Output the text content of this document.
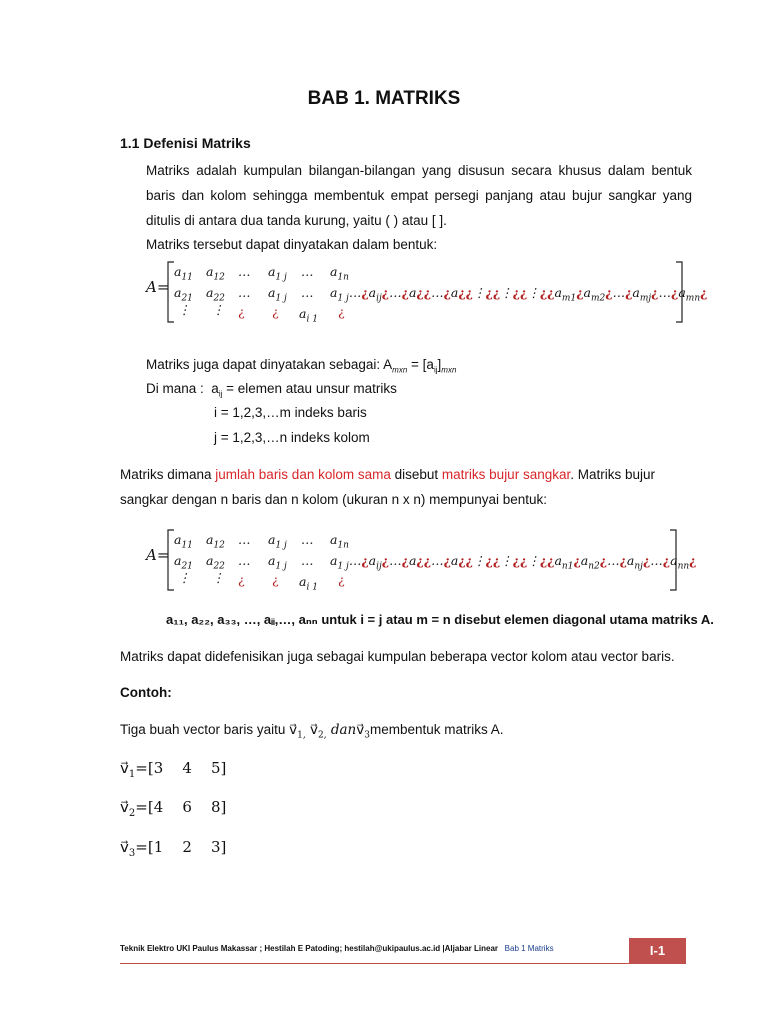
BAB 1. MATRIKS
1.1 Defenisi Matriks
Matriks adalah kumpulan bilangan-bilangan yang disusun secara khusus dalam bentuk baris dan kolom sehingga membentuk empat persegi panjang atau bujur sangkar yang ditulis di antara dua tanda kurung, yaitu ( ) atau [ ].
Matriks tersebut dapat dinyatakan dalam bentuk:
A=
$a_{11}$ $a_{12}$ … $a_{1 j}$ … $a_{1n}$
$a_{21}$ $a_{22}$ … $a_{1 j}$ … $a_{1 j}\dots¿a_{ij}¿\dots¿a¿¿\dots¿a¿¿⋮¿¿⋮¿¿⋮¿¿a_{m1}¿a_{m2}¿\dots¿a_{mj}¿\dots¿a_{mn}¿$
⋮ ⋮ ¿ ¿ $a_{i 1}$
¿
Matriks juga dapat dinyatakan sebagai: $A_{mxn} = [a_{ij}]_{mxn}$
Di mana : $a_{ij}$ = elemen atau unsur matriks
i = 1,2,3,…m indeks baris
j = 1,2,3,…n indeks kolom
Matriks dimana jumlah baris dan kolom sama disebut matriks bujur sangkar. Matriks bujur
sangkar dengan n baris dan n kolom (ukuran n x n) mempunyai bentuk:
A=
$a_{11}$ $a_{12}$ … $a_{1 j}$ … $a_{1n}$
$a_{21}$ $a_{22}$ … $a_{1 j}$ … $a_{1 j}\dots¿a_{ij}¿\dots¿a¿¿\dots¿a¿¿⋮¿¿⋮¿¿⋮¿¿a_{n1}¿a_{n2}¿\dots¿a_{nj}¿\dots¿a_{nn}¿$
⋮ ⋮ ¿ ¿ $a_{i 1}$
¿
a₁₁, a₂₂, a₃₃, …, aᵢᵢ,…, aₙₙ untuk i = j atau m = n disebut elemen diagonal utama matriks A.
Matriks dapat didefenisikan juga sebagai kumpulan beberapa vector kolom atau vector baris.
Contoh:
Tiga buah vector baris yaitu $v⃗_{1,}$ $v⃗_{2,}$ $danv⃗_3membentuk$ matriks A.
$v⃗_1=[3$ 4 5]
$v⃗_2=[4$ 6 8]
$v⃗_3=[1$ 2 3]
Teknik Elektro UKI Paulus Makassar ; Hestilah E Patoding; hestilah@ukipaulus.ac.id |Aljabar Linear Bab 1 Matriks	I-1
